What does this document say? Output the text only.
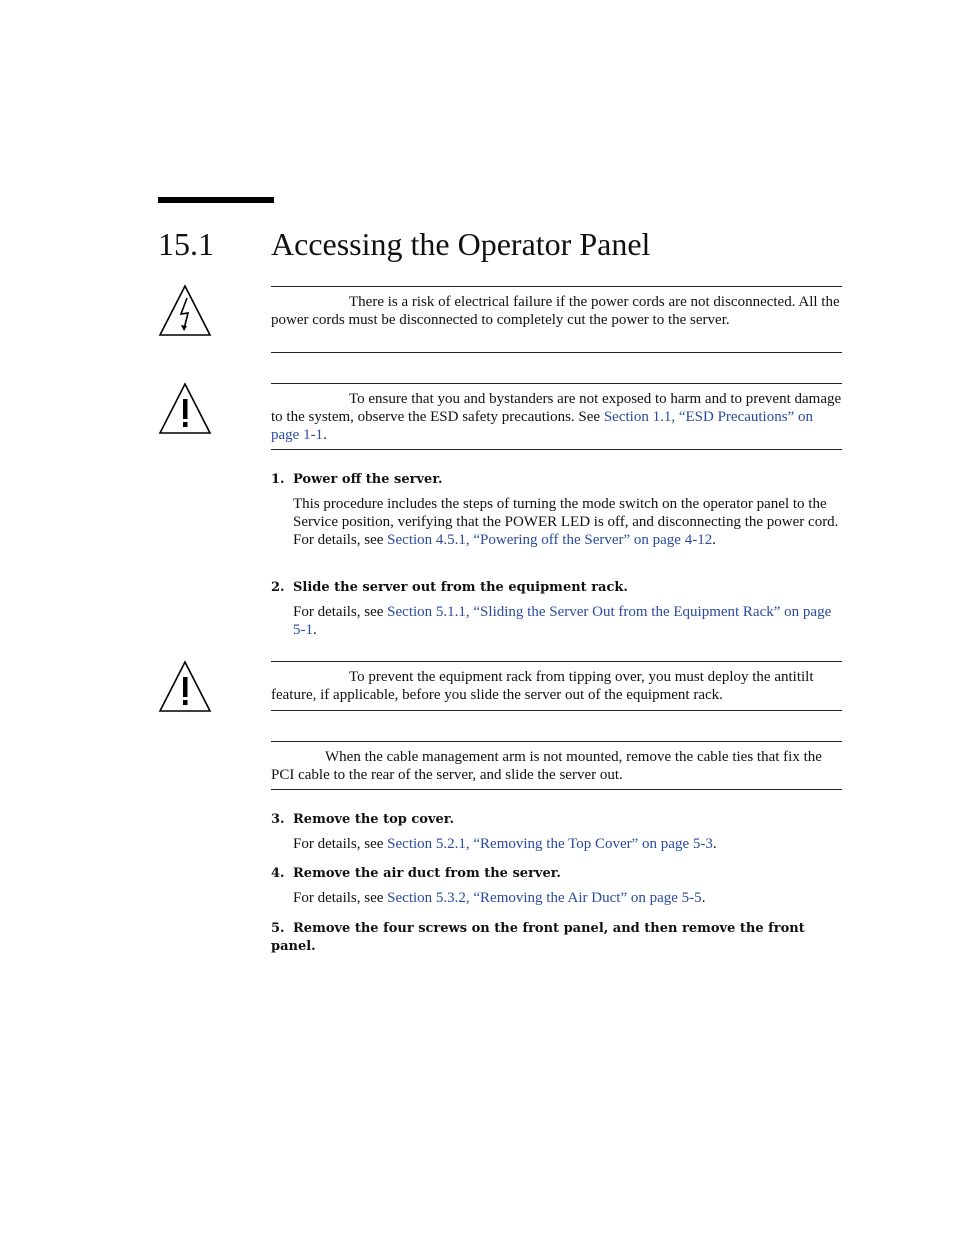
15.1 Accessing the Operator Panel

There is a risk of electrical failure if the power cords are not disconnected. All the power cords must be disconnected to completely cut the power to the server.

To ensure that you and bystanders are not exposed to harm and to prevent damage to the system, observe the ESD safety precautions. See Section 1.1, “ESD Precautions” on page 1-1.

1. Power off the server.
This procedure includes the steps of turning the mode switch on the operator panel to the Service position, verifying that the POWER LED is off, and disconnecting the power cord. For details, see Section 4.5.1, “Powering off the Server” on page 4-12.
2. Slide the server out from the equipment rack.
For details, see Section 5.1.1, “Sliding the Server Out from the Equipment Rack” on page 5-1.

To prevent the equipment rack from tipping over, you must deploy the antitilt feature, if applicable, before you slide the server out of the equipment rack.

When the cable management arm is not mounted, remove the cable ties that fix the PCI cable to the rear of the server, and slide the server out.

3. Remove the top cover.
For details, see Section 5.2.1, “Removing the Top Cover” on page 5-3.
4. Remove the air duct from the server.
For details, see Section 5.3.2, “Removing the Air Duct” on page 5-5.
5. Remove the four screws on the front panel, and then remove the front panel.
